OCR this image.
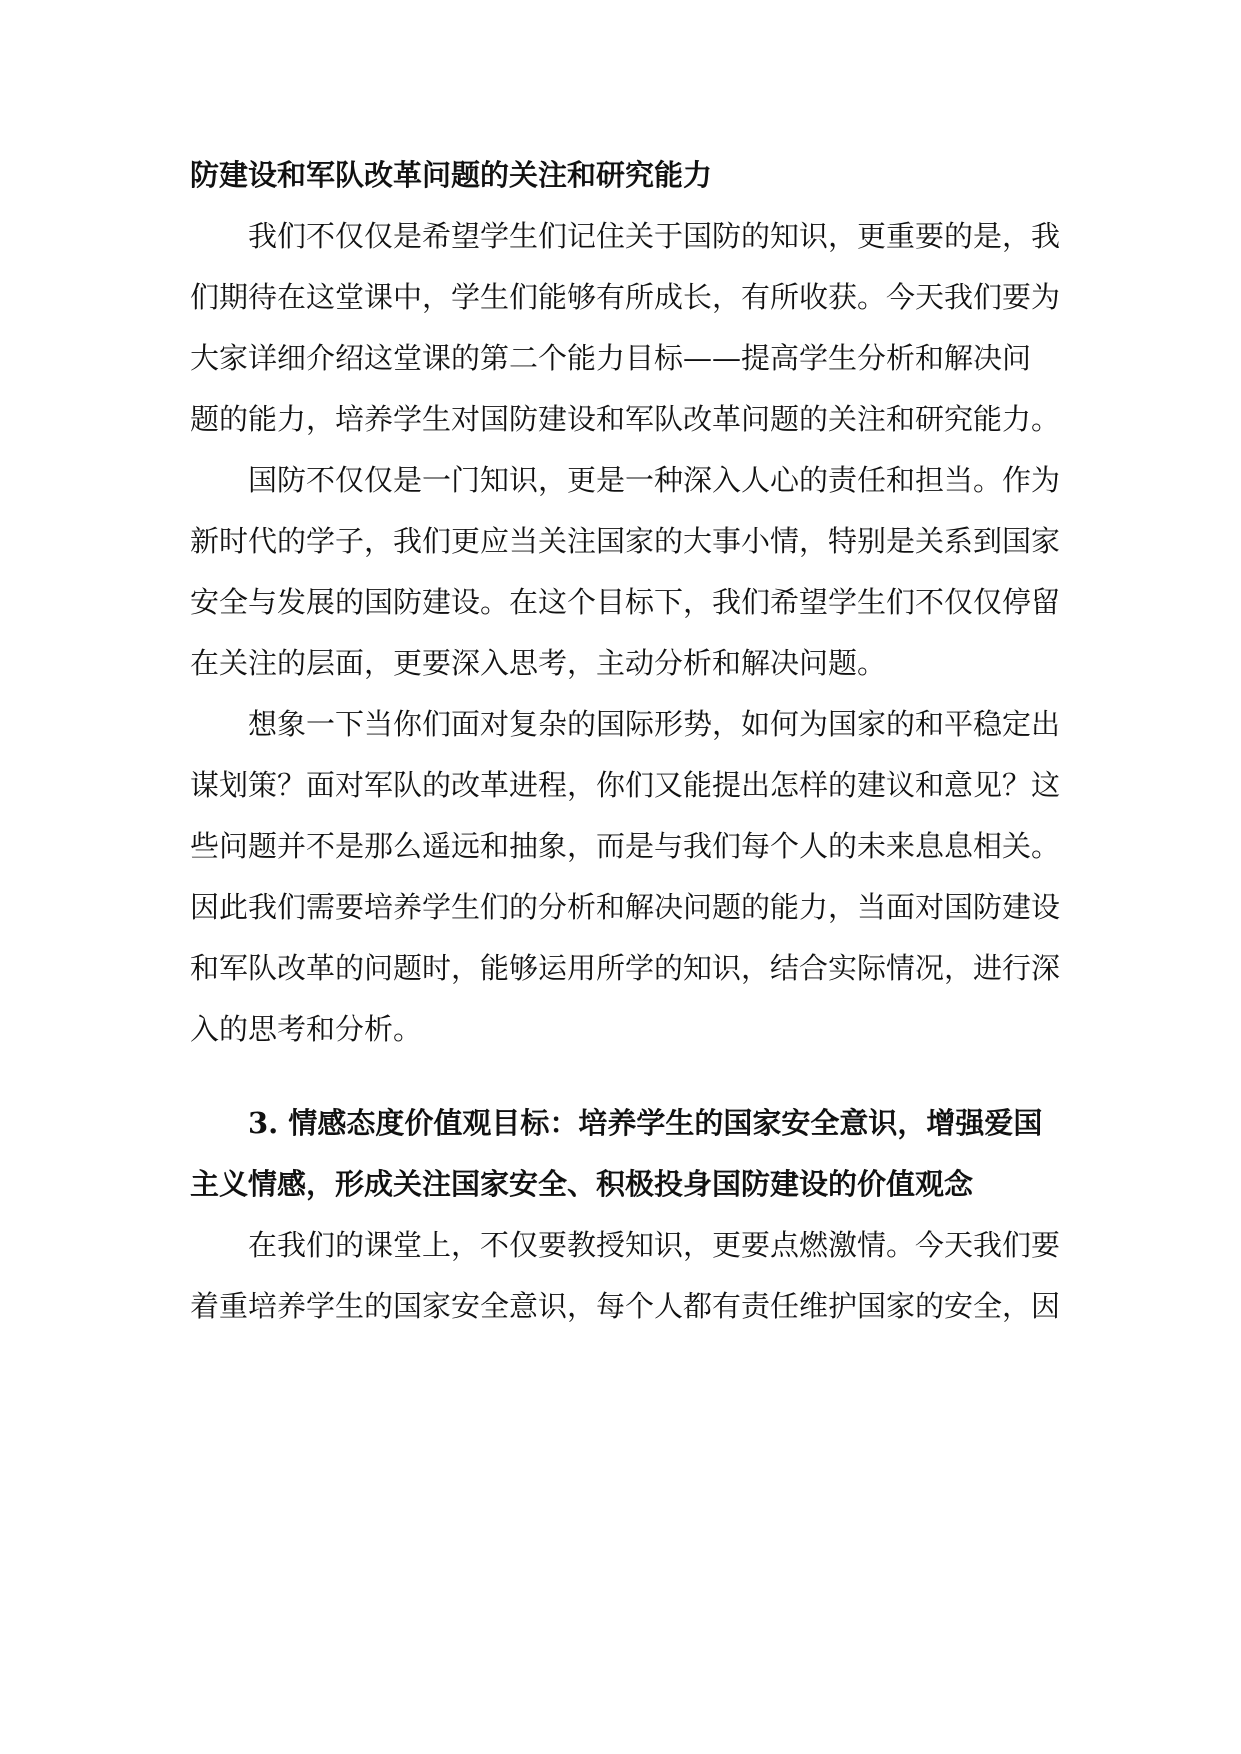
防建设和军队改革问题的关注和研究能力
我们不仅仅是希望学生们记住关于国防的知识，更重要的是，我
们期待在这堂课中，学生们能够有所成长，有所收获。今天我们要为
大家详细介绍这堂课的第二个能力目标——提高学生分析和解决问
题的能力，培养学生对国防建设和军队改革问题的关注和研究能力。
国防不仅仅是一门知识，更是一种深入人心的责任和担当。作为
新时代的学子，我们更应当关注国家的大事小情，特别是关系到国家
安全与发展的国防建设。在这个目标下，我们希望学生们不仅仅停留
在关注的层面，更要深入思考，主动分析和解决问题。
想象一下当你们面对复杂的国际形势，如何为国家的和平稳定出
谋划策？面对军队的改革进程，你们又能提出怎样的建议和意见？这
些问题并不是那么遥远和抽象，而是与我们每个人的未来息息相关。
因此我们需要培养学生们的分析和解决问题的能力，当面对国防建设
和军队改革的问题时，能够运用所学的知识，结合实际情况，进行深
入的思考和分析。
3. 情感态度价值观目标：培养学生的国家安全意识，增强爱国
主义情感，形成关注国家安全、积极投身国防建设的价值观念
在我们的课堂上，不仅要教授知识，更要点燃激情。今天我们要
着重培养学生的国家安全意识，每个人都有责任维护国家的安全，因
